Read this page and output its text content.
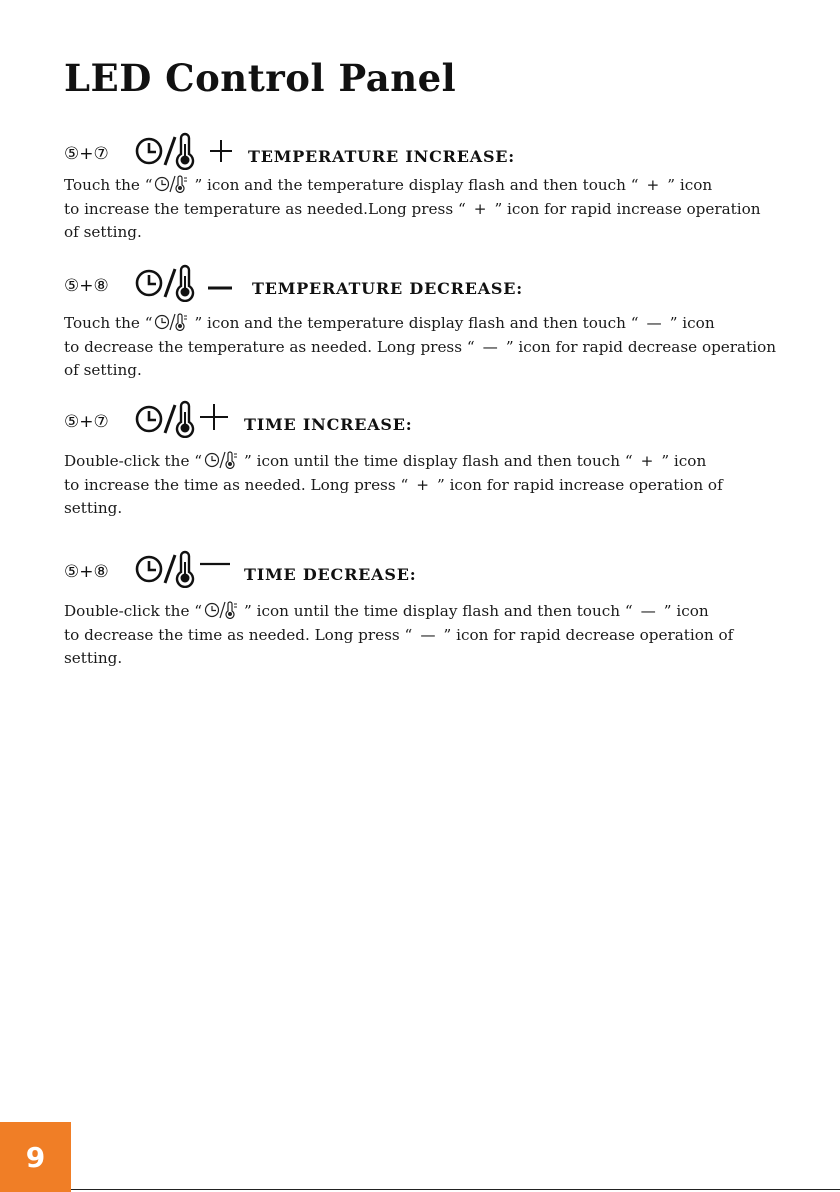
LED Control Panel
⑤+⑦	TEMPERATURE INCREASE:
Touch the “	” icon and the temperature display flash and then touch “ + ” icon
to increase the temperature as needed.Long press “ + ” icon for rapid increase operation
of setting.
⑤+⑧	TEMPERATURE DECREASE:
Touch the “	” icon and the temperature display flash and then touch “ — ” icon
to decrease the temperature as needed. Long press “ — ” icon for rapid decrease operation
of setting.
⑤+⑦	TIME INCREASE:
Double-click the “	” icon until the time display flash and then touch “ + ” icon
to increase the time as needed. Long press “ + ” icon for rapid increase operation of
setting.
⑤+⑧	TIME DECREASE:
Double-click the “	” icon until the time display flash and then touch “ — ” icon
to decrease the time as needed. Long press “ — ” icon for rapid decrease operation of
setting.
9
